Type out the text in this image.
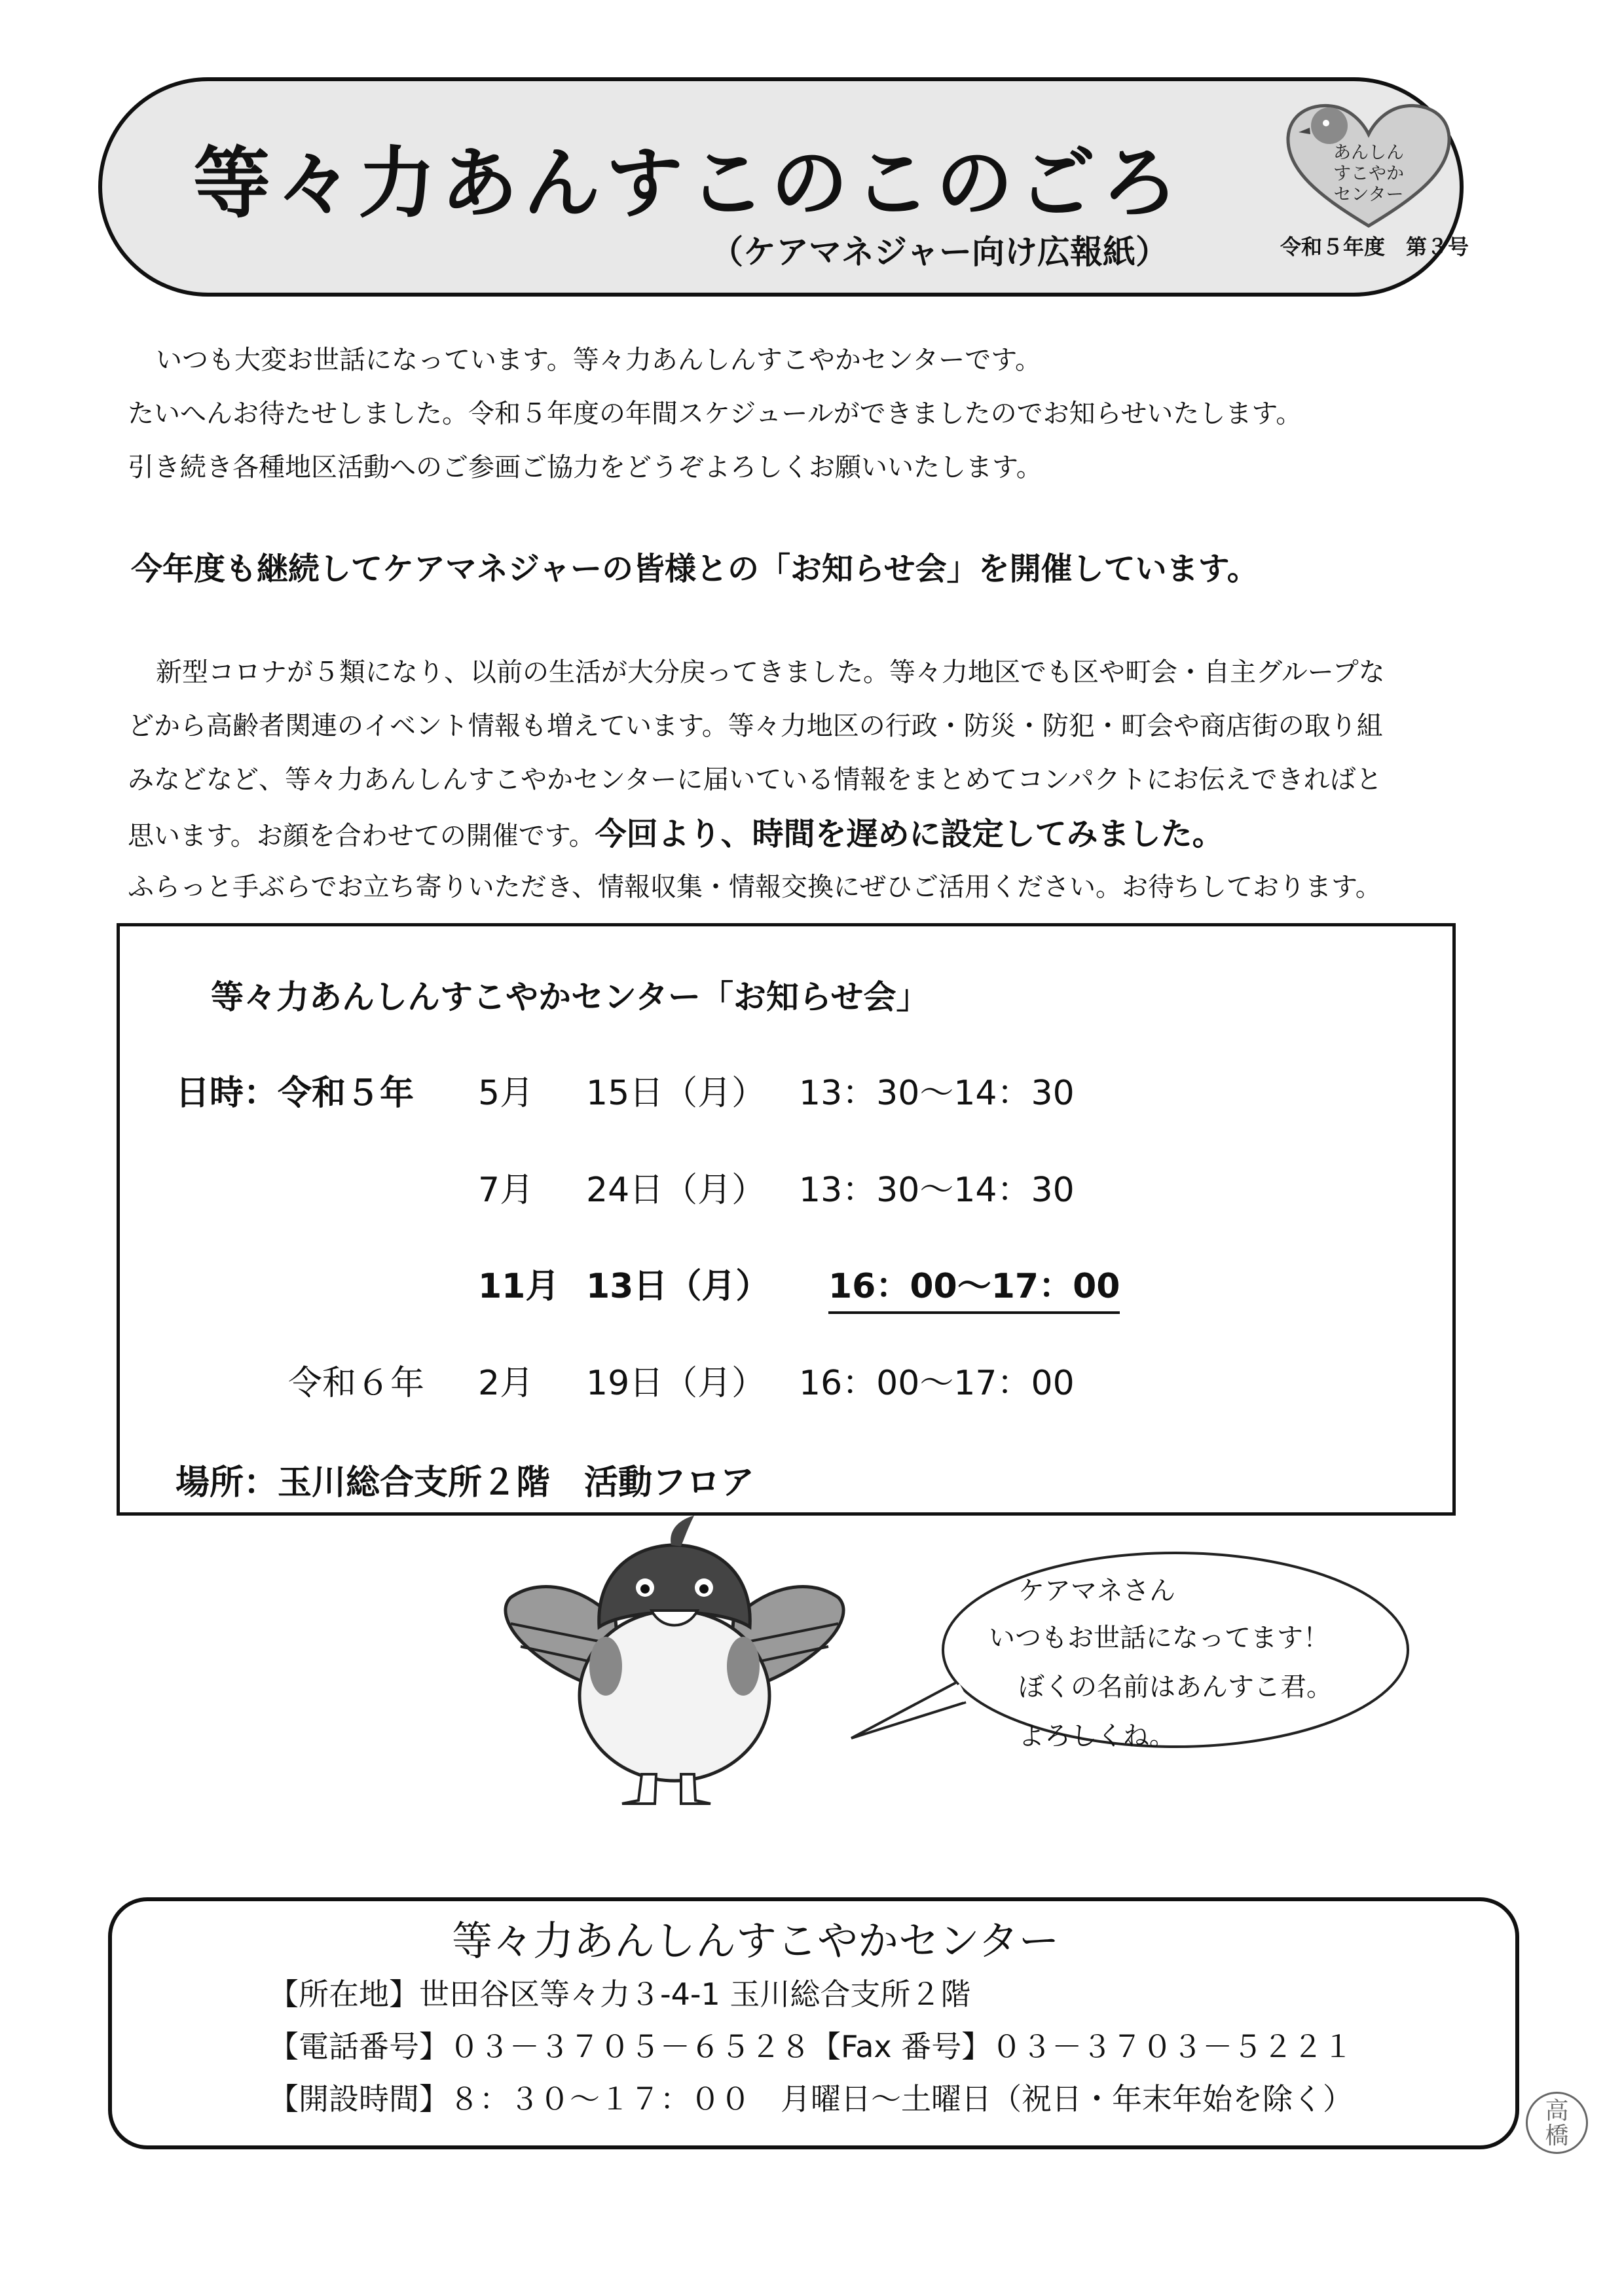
等々力あんすこのこのごろ
（ケアマネジャー向け広報紙）	令和５年度　第３号
あんしん
すこやか
センター
いつも大変お世話になっています。等々力あんしんすこやかセンターです。
たいへんお待たせしました。令和５年度の年間スケジュールができましたのでお知らせいたします。
引き続き各種地区活動へのご参画ご協力をどうぞよろしくお願いいたします。
今年度も継続してケアマネジャーの皆様との「お知らせ会」を開催しています。
新型コロナが５類になり、以前の生活が大分戻ってきました。等々力地区でも区や町会・自主グループな
どから高齢者関連のイベント情報も増えています。等々力地区の行政・防災・防犯・町会や商店街の取り組
みなどなど、等々力あんしんすこやかセンターに届いている情報をまとめてコンパクトにお伝えできればと
思います。お顔を合わせての開催です。今回より、時間を遅めに設定してみました。
ふらっと手ぶらでお立ち寄りいただき、情報収集・情報交換にぜひご活用ください。お待ちしております。
等々力あんしんすこやかセンター「お知らせ会」
日時：令和５年 5月 15日（月） 13：30～14：30
7月 24日（月） 13：30～14：30
11月 13日（月） 16：00～17：00
令和６年 2月 19日（月） 16：00～17：00
場所：玉川総合支所２階　活動フロア
ケアマネさん
いつもお世話になってます！
ぼくの名前はあんすこ君。
よろしくね。
等々力あんしんすこやかセンター
【所在地】世田谷区等々力３-4-1 玉川総合支所２階
【電話番号】０３－３７０５－６５２８【Fax 番号】０３－３７０３－５２２１
【開設時間】８：３０～１７：００　月曜日～土曜日（祝日・年末年始を除く）	高
橋
